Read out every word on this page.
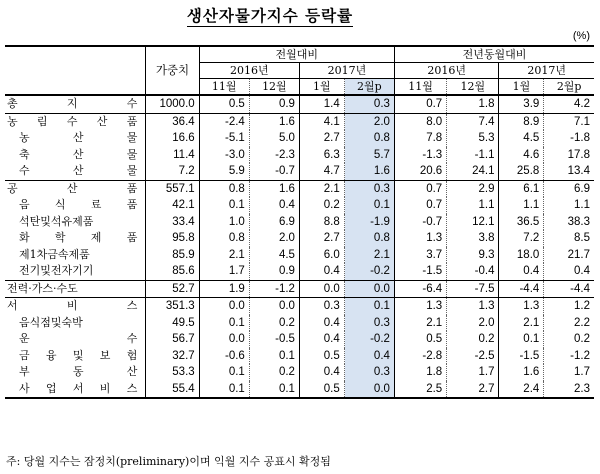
생산자물가지수 등락률
(%)
	가중치	전월대비				전년동월대비			
		2016년		2017년		2016년		2017년	
		11월	12월	1월	2월p	11월	12월	1월	2월p

총 지 수	1000.0	0.5	0.9	1.4	0.3	0.7	1.8	3.9	4.2

농 림 수 산 품	36.4	-2.4	1.6	4.1	2.0	8.0	7.4	8.9	7.1

농 산 물	16.6	-5.1	5.0	2.7	0.8	7.8	5.3	4.5	-1.8

축 산 물	11.4	-3.0	-2.3	6.3	5.7	-1.3	-1.1	4.6	17.8

수 산 물	7.2	5.9	-0.7	4.7	1.6	20.6	24.1	25.8	13.4

공 산 품	557.1	0.8	1.6	2.1	0.3	0.7	2.9	6.1	6.9

음 식 료 품	42.1	0.1	0.4	0.2	0.1	0.7	1.1	1.1	1.1

석탄및석유제품	33.4	1.0	6.9	8.8	-1.9	-0.7	12.1	36.5	38.3

화 학 제 품	95.8	0.8	2.0	2.7	0.8	1.3	3.8	7.2	8.5

제1차금속제품	85.9	2.1	4.5	6.0	2.1	3.7	9.3	18.0	21.7

전기및전자기기	85.6	1.7	0.9	0.4	-0.2	-1.5	-0.4	0.4	0.4

전력·가스·수도	52.7	1.9	-1.2	0.0	0.0	-6.4	-7.5	-4.4	-4.4

서 비 스	351.3	0.0	0.0	0.3	0.1	1.3	1.3	1.3	1.2

음식점및숙박	49.5	0.1	0.2	0.4	0.3	2.1	2.0	2.1	2.2

운 수	56.7	0.0	-0.5	0.4	-0.2	0.5	0.2	0.1	0.2

금 융 및 보 험	32.7	-0.6	0.1	0.5	0.4	-2.8	-2.5	-1.5	-1.2

부 동 산	53.3	0.1	0.2	0.4	0.3	1.8	1.7	1.6	1.7

사 업 서 비 스	55.4	0.1	0.1	0.5	0.0	2.5	2.7	2.4	2.3
주: 당월 지수는 잠정치(preliminary)이며 익월 지수 공표시 확정됨
